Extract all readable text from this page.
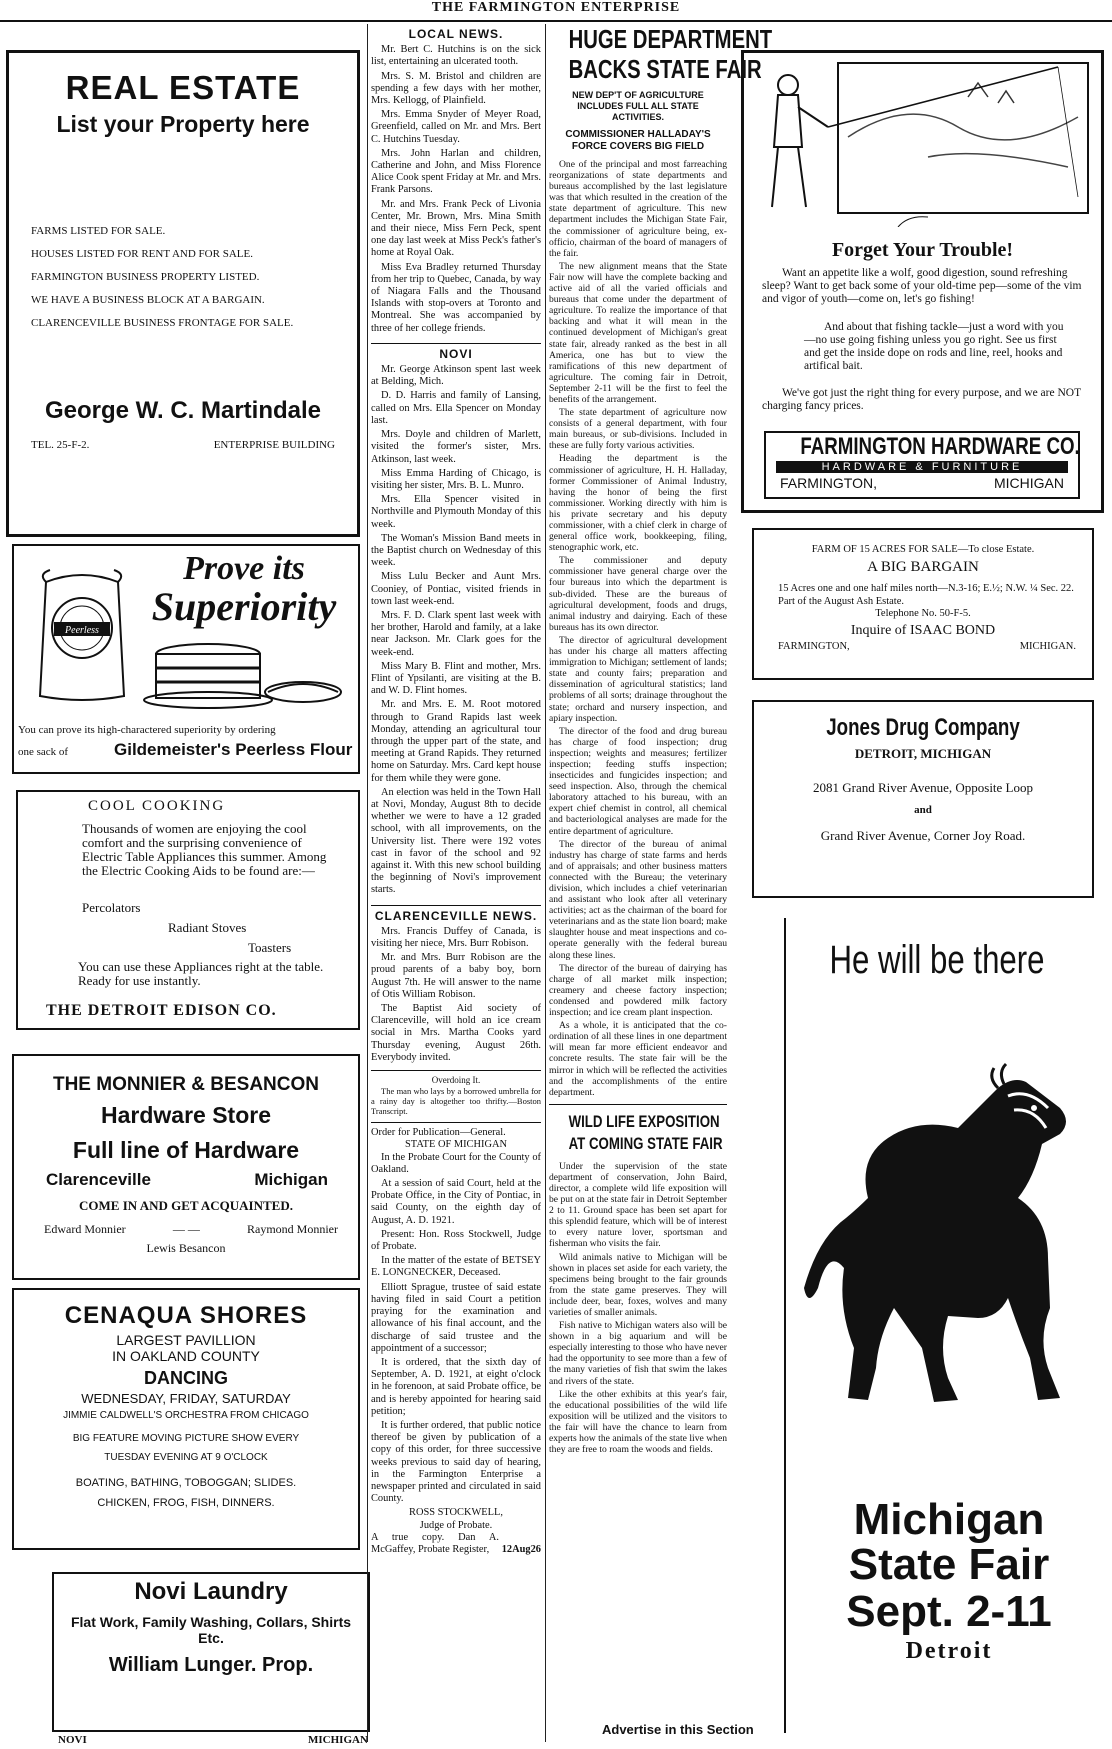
THE FARMINGTON ENTERPRISE
REAL ESTATE
List your Property here
FARMS LISTED FOR SALE.
HOUSES LISTED FOR RENT AND FOR SALE.
FARMINGTON BUSINESS PROPERTY LISTED.
WE HAVE A BUSINESS BLOCK AT A BARGAIN.
CLARENCEVILLE BUSINESS FRONTAGE FOR SALE.
George W. C. Martindale
TEL. 25-F-2.	ENTERPRISE BUILDING
Peerless
Prove its
Superiority
You can prove its high-charactered superiority by ordering
one sack of	Gildemeister's Peerless Flour
COOL COOKING
Thousands of women are enjoying the cool comfort and the surprising convenience of Electric Table Appliances this summer. Among the Electric Cooking Aids to be found are:—
Percolators
Radiant Stoves
Toasters
You can use these Appliances right at the table. Ready for use instantly.
THE DETROIT EDISON CO.
THE MONNIER & BESANCON
Hardware Store
Full line of Hardware
Clarenceville	Michigan
COME IN AND GET ACQUAINTED.
Edward Monnier	— —	Raymond Monnier
Lewis Besancon
CENAQUA SHORES
LARGEST PAVILLION
IN OAKLAND COUNTY
DANCING
WEDNESDAY, FRIDAY, SATURDAY
JIMMIE CALDWELL'S ORCHESTRA FROM CHICAGO
BIG FEATURE MOVING PICTURE SHOW EVERY
TUESDAY EVENING AT 9 O'CLOCK
BOATING, BATHING, TOBOGGAN; SLIDES.
CHICKEN, FROG, FISH, DINNERS.
Novi Laundry
Flat Work, Family Washing, Collars, Shirts
Etc.
William Lunger. Prop.
NOVI	MICHIGAN
LOCAL NEWS.

Mr. Bert C. Hutchins is on the sick list, entertaining an ulcerated tooth.

Mrs. S. M. Bristol and children are spending a few days with her mother, Mrs. Kellogg, of Plainfield.

Mrs. Emma Snyder of Meyer Road, Greenfield, called on Mr. and Mrs. Bert C. Hutchins Tuesday.

Mrs. John Harlan and children, Catherine and John, and Miss Florence Alice Cook spent Friday at Mr. and Mrs. Frank Parsons.

Mr. and Mrs. Frank Peck of Livonia Center, Mr. Brown, Mrs. Mina Smith and their niece, Miss Fern Peck, spent one day last week at Miss Peck's father's home at Royal Oak.

Miss Eva Bradley returned Thursday from her trip to Quebec, Canada, by way of Niagara Falls and the Thousand Islands with stop-overs at Toronto and Montreal. She was accompanied by three of her college friends.

NOVI

Mr. George Atkinson spent last week at Belding, Mich.

D. D. Harris and family of Lansing, called on Mrs. Ella Spencer on Monday last.

Mrs. Doyle and children of Marlett, visited the former's sister, Mrs. Atkinson, last week.

Miss Emma Harding of Chicago, is visiting her sister, Mrs. B. L. Munro.

Mrs. Ella Spencer visited in Northville and Plymouth Monday of this week.

The Woman's Mission Band meets in the Baptist church on Wednesday of this week.

Miss Lulu Becker and Aunt Mrs. Cooniey, of Pontiac, visited friends in town last week-end.

Mrs. F. D. Clark spent last week with her brother, Harold and family, at a lake near Jackson. Mr. Clark goes for the week-end.

Miss Mary B. Flint and mother, Mrs. Flint of Ypsilanti, are visiting at the B. and W. D. Flint homes.

Mr. and Mrs. E. M. Root motored through to Grand Rapids last week Monday, attending an agricultural tour through the upper part of the state, and meeting at Grand Rapids. They returned home on Saturday. Mrs. Card kept house for them while they were gone.

An election was held in the Town Hall at Novi, Monday, August 8th to decide whether we were to have a 12 graded school, with all improvements, on the University list. There were 192 votes cast in favor of the school and 92 against it. With this new school building the beginning of Novi's improvement starts.

CLARENCEVILLE NEWS.

Mrs. Francis Duffey of Canada, is visiting her niece, Mrs. Burr Robison.

Mr. and Mrs. Burr Robison are the proud parents of a baby boy, born August 7th. He will answer to the name of Otis William Robison.

The Baptist Aid society of Clarenceville, will hold an ice cream social in Mrs. Martha Cooks yard Thursday evening, August 26th. Everybody invited.

Overdoing It.
The man who lays by a borrowed umbrella for a rainy day is altogether too thrifty.—Boston Transcript.
Order for Publication—General.
STATE OF MICHIGAN

In the Probate Court for the County of Oakland.

At a session of said Court, held at the Probate Office, in the City of Pontiac, in said County, on the eighth day of August, A. D. 1921.

Present: Hon. Ross Stockwell, Judge of Probate.

In the matter of the estate of BETSEY E. LONGNECKER, Deceased.

Elliott Sprague, trustee of said estate having filed in said Court a petition praying for the examination and allowance of his final account, and the discharge of said trustee and the appointment of a successor;

It is ordered, that the sixth day of September, A. D. 1921, at eight o'clock in he forenoon, at said Probate office, be and is hereby appointed for hearing said petition;

It is further ordered, that public notice thereof be given by publication of a copy of this order, for three successive weeks previous to said day of hearing, in the Farmington Enterprise a newspaper printed and circulated in said County.

ROSS STOCKWELL,
Judge of Probate.
A true copy. Dan A. McGaffey, Probate Register,	12Aug26
HUGE DEPARTMENT
BACKS STATE FAIR
NEW DEP'T OF AGRICULTURE INCLUDES FULL ALL STATE ACTIVITIES.
COMMISSIONER HALLADAY'S FORCE COVERS BIG FIELD

One of the principal and most farreaching reorganizations of state departments and bureaus accomplished by the last legislature was that which resulted in the creation of the state department of agriculture. This new department includes the Michigan State Fair, the commissioner of agriculture being, ex-officio, chairman of the board of managers of the fair.

The new alignment means that the State Fair now will have the complete backing and active aid of all the varied officials and bureaus that come under the department of agriculture. To realize the importance of that backing and what it will mean in the continued development of Michigan's great state fair, already ranked as the best in all America, one has but to view the ramifications of this new department of agriculture. The coming fair in Detroit, September 2-11 will be the first to feel the benefits of the arrangement.

The state department of agriculture now consists of a general department, with four main bureaus, or sub-divisions. Included in these are fully forty various activities.

Heading the department is the commissioner of agriculture, H. H. Halladay, former Commissioner of Animal Industry, having the honor of being the first commissioner. Working directly with him is his private secretary and his deputy commissioner, with a chief clerk in charge of general office work, bookkeeping, filing, stenographic work, etc.

The commissioner and deputy commissioner have general charge over the four bureaus into which the department is sub-divided. These are the bureaus of agricultural development, foods and drugs, animal industry and dairying. Each of these bureaus has its own director.

The director of agricultural development has under his charge all matters affecting immigration to Michigan; settlement of lands; state and county fairs; preparation and dissemination of agricultural statistics; land problems of all sorts; drainage throughout the state; orchard and nursery inspection, and apiary inspection.

The director of the food and drug bureau has charge of food inspection; drug inspection; weights and measures; fertilizer inspection; feeding stuffs inspection; insecticides and fungicides inspection; and seed inspection. Also, through the chemical laboratory attached to his bureau, with an expert chief chemist in control, all chemical and bacteriological analyses are made for the entire department of agriculture.

The director of the bureau of animal industry has charge of state farms and herds and of appraisals; and other business matters connected with the Bureau; the veterinary division, which includes a chief veterinarian and assistant who look after all veterinary activities; act as the chairman of the board for veterinarians and as the state lion board; make slaughter house and meat inspections and co-operate generally with the federal bureau along these lines.

The director of the bureau of dairying has charge of all market milk inspection; creamery and cheese factory inspection; condensed and powdered milk factory inspection; and ice cream plant inspection.

As a whole, it is anticipated that the co-ordination of all these lines in one department will mean far more efficient endeavor and concrete results. The state fair will be the mirror in which will be reflected the activities and the accomplishments of the entire department.

WILD LIFE EXPOSITION
AT COMING STATE FAIR

Under the supervision of the state department of conservation, John Baird, director, a complete wild life exposition will be put on at the state fair in Detroit September 2 to 11. Ground space has been set apart for this splendid feature, which will be of interest to every nature lover, sportsman and fisherman who visits the fair.

Wild animals native to Michigan will be shown in places set aside for each variety, the specimens being brought to the fair grounds from the state game preserves. They will include deer, bear, foxes, wolves and many varieties of smaller animals.

Fish native to Michigan waters also will be shown in a big aquarium and will be especially interesting to those who have never had the opportunity to see more than a few of the many varieties of fish that swim the lakes and rivers of the state.

Like the other exhibits at this year's fair, the educational possibilities of the wild life exposition will be utilized and the visitors to the fair will have the chance to learn from experts how the animals of the state live when they are free to roam the woods and fields.

Advertise in this Section
Forget Your Trouble!
Want an appetite like a wolf, good digestion, sound refreshing sleep? Want to get back some of your old-time pep—some of the vim and vigor of youth—come on, let's go fishing!
And about that fishing tackle—just a word with you—no use going fishing unless you go right. See us first and get the inside dope on rods and line, reel, hooks and artifical bait.
We've got just the right thing for every purpose, and we are NOT charging fancy prices.
FARMINGTON HARDWARE CO.
HARDWARE & FURNITURE
FARMINGTON,	MICHIGAN
FARM OF 15 ACRES FOR SALE—To close Estate.
A BIG BARGAIN
15 Acres one and one half miles north—N.3-16; E.½; N.W. ¼ Sec. 22. Part of the August Ash Estate.
Telephone No. 50-F-5.
Inquire of ISAAC BOND
FARMINGTON,	MICHIGAN.
Jones Drug Company
DETROIT, MICHIGAN
2081 Grand River Avenue, Opposite Loop
and
Grand River Avenue, Corner Joy Road.
He will be there
Michigan
State Fair
Sept. 2-11
Detroit
